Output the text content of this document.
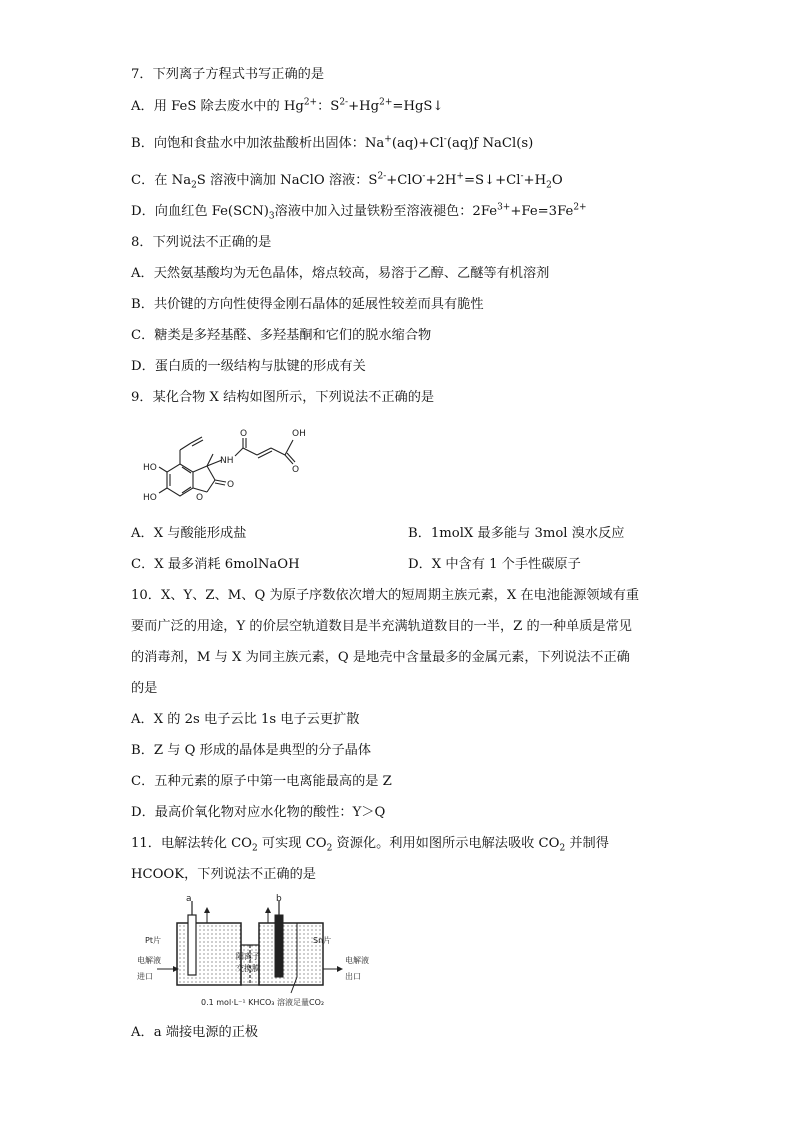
7．下列离子方程式书写正确的是
A．用 FeS 除去废水中的 $Hg^{2+}$：$S^{2-}+Hg^{2+}=HgS↓$
B．向饱和食盐水中加浓盐酸析出固体：Na+(aq)+Cl-(aq)ƒ NaCl(s)
C．在 $Na_2S$ 溶液中滴加 NaClO 溶液：$S^{2-}+ClO^-+2H^+=S↓+Cl^-+H_2O$
D．向血红色 $Fe(SCN)_3$溶液中加入过量铁粉至溶液褪色：$2Fe^{3+}+Fe=3Fe^{2+}$
8．下列说法不正确的是
A．天然氨基酸均为无色晶体，熔点较高，易溶于乙醇、乙醚等有机溶剂
B．共价键的方向性使得金刚石晶体的延展性较差而具有脆性
C．糖类是多羟基醛、多羟基酮和它们的脱水缩合物
D．蛋白质的一级结构与肽键的形成有关
9．某化合物 X 结构如图所示，下列说法不正确的是
OH
O
NH
O
HO
HO
O
O
A．X 与酸能形成盐	B．1molX 最多能与 3mol 溴水反应
C．X 最多消耗 6molNaOH	D．X 中含有 1 个手性碳原子
10．X、Y、Z、M、Q 为原子序数依次增大的短周期主族元素，X 在电池能源领域有重
要而广泛的用途，Y 的价层空轨道数目是半充满轨道数目的一半，Z 的一种单质是常见
的消毒剂，M 与 X 为同主族元素，Q 是地壳中含量最多的金属元素，下列说法不正确
的是
A．X 的 2s 电子云比 1s 电子云更扩散
B．Z 与 Q 形成的晶体是典型的分子晶体
C．五种元素的原子中第一电离能最高的是 Z
D．最高价氧化物对应水化物的酸性：Y＞Q
11．电解法转化 $CO_2$ 可实现 $CO_2$ 资源化。利用如图所示电解法吸收 $CO_2$ 并制得
HCOOK，下列说法不正确的是
a	b
Pt片	Sn片
电解液
进口
电解液
出口
阳离子
交换膜
0.1 mol·L⁻¹ KHCO₃ 溶液 足量CO₂
A．a 端接电源的正极
